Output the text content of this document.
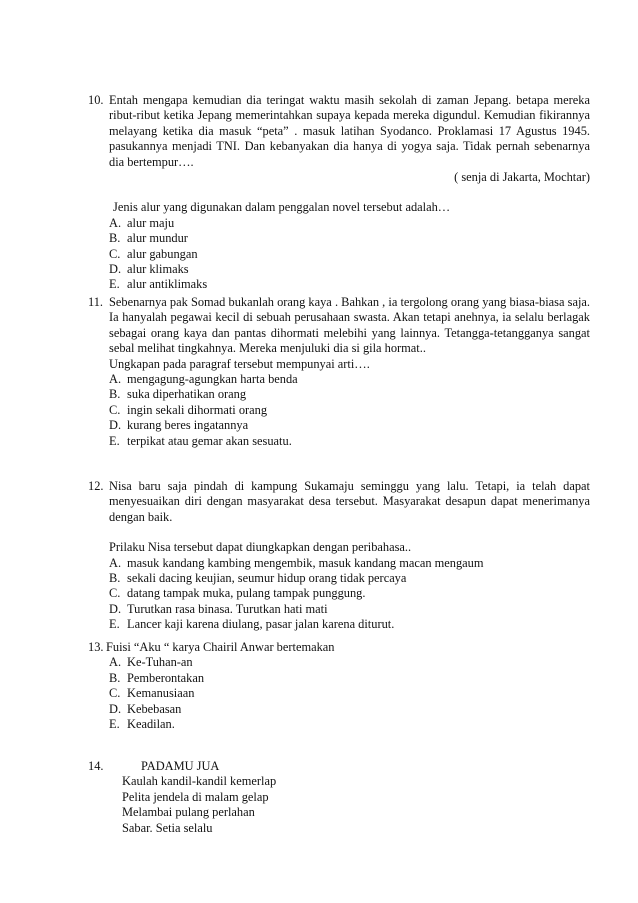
10. Entah mengapa kemudian dia teringat waktu masih sekolah di zaman Jepang. betapa mereka ribut-ribut ketika Jepang memerintahkan supaya kepada mereka digundul. Kemudian fikirannya melayang ketika dia masuk “peta” . masuk latihan Syodanco. Proklamasi 17 Agustus 1945. pasukannya menjadi TNI. Dan kebanyakan dia hanya di yogya saja. Tidak pernah sebenarnya dia bertempur….

( senja di Jakarta, Mochtar)

Jenis alur yang digunakan dalam penggalan novel tersebut adalah…

A. alur maju
B. alur mundur
C. alur gabungan
D. alur klimaks
E. alur antiklimaks
11. Sebenarnya pak Somad bukanlah orang kaya . Bahkan , ia tergolong orang yang biasa-biasa saja. Ia hanyalah pegawai kecil di sebuah perusahaan swasta. Akan tetapi anehnya, ia selalu berlagak sebagai orang kaya dan pantas dihormati melebihi yang lainnya. Tetangga-tetangganya sangat sebal melihat tingkahnya. Mereka menjuluki dia si gila hormat..

Ungkapan pada paragraf tersebut mempunyai arti….

A. mengagung-agungkan harta benda
B. suka diperhatikan orang
C. ingin sekali dihormati orang
D. kurang beres ingatannya
E. terpikat atau gemar akan sesuatu.
12. Nisa baru saja pindah di kampung Sukamaju seminggu yang lalu. Tetapi, ia telah dapat menyesuaikan diri dengan masyarakat desa tersebut. Masyarakat desapun dapat menerimanya dengan baik.

Prilaku Nisa tersebut dapat diungkapkan dengan peribahasa..

A. masuk kandang kambing mengembik, masuk kandang macan mengaum
B. sekali dacing keujian, seumur hidup orang tidak percaya
C. datang tampak muka, pulang tampak punggung.
D. Turutkan rasa binasa. Turutkan hati mati
E. Lancer kaji karena diulang, pasar jalan karena diturut.
13. Fuisi “Aku “ karya Chairil Anwar bertemakan

A. Ke-Tuhan-an
B. Pemberontakan
C. Kemanusiaan
D. Kebebasan
E. Keadilan.
14.	PADAMU JUA
Kaulah kandil-kandil kemerlap
Pelita jendela di malam gelap
Melambai pulang perlahan
Sabar. Setia selalu
